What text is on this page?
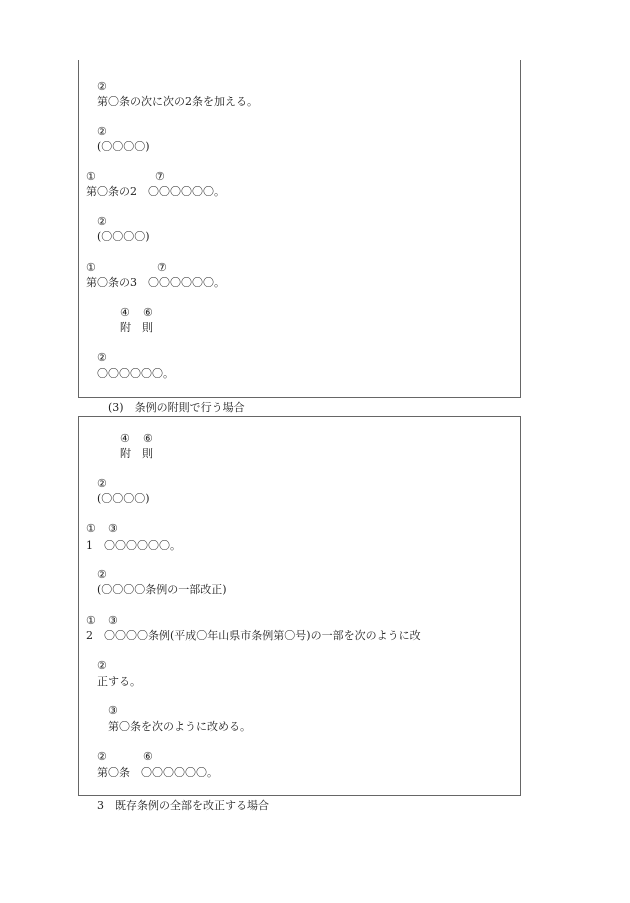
②
第〇条の次に次の2条を加える。
②
(〇〇〇〇)
①	⑦
第〇条の2　〇〇〇〇〇〇。
②
(〇〇〇〇)
①	⑦
第〇条の3　〇〇〇〇〇〇。
④ ⑥
附　則
②
〇〇〇〇〇〇。
(3)　条例の附則で行う場合
④ ⑥
附　則
②
(〇〇〇〇)
① ③
1　〇〇〇〇〇〇。
②
(〇〇〇〇条例の一部改正)
① ③
2　〇〇〇〇条例(平成〇年山県市条例第〇号)の一部を次のように改
②
正する。
③
第〇条を次のように改める。
②	⑥
第〇条　〇〇〇〇〇〇。
3　既存条例の全部を改正する場合
